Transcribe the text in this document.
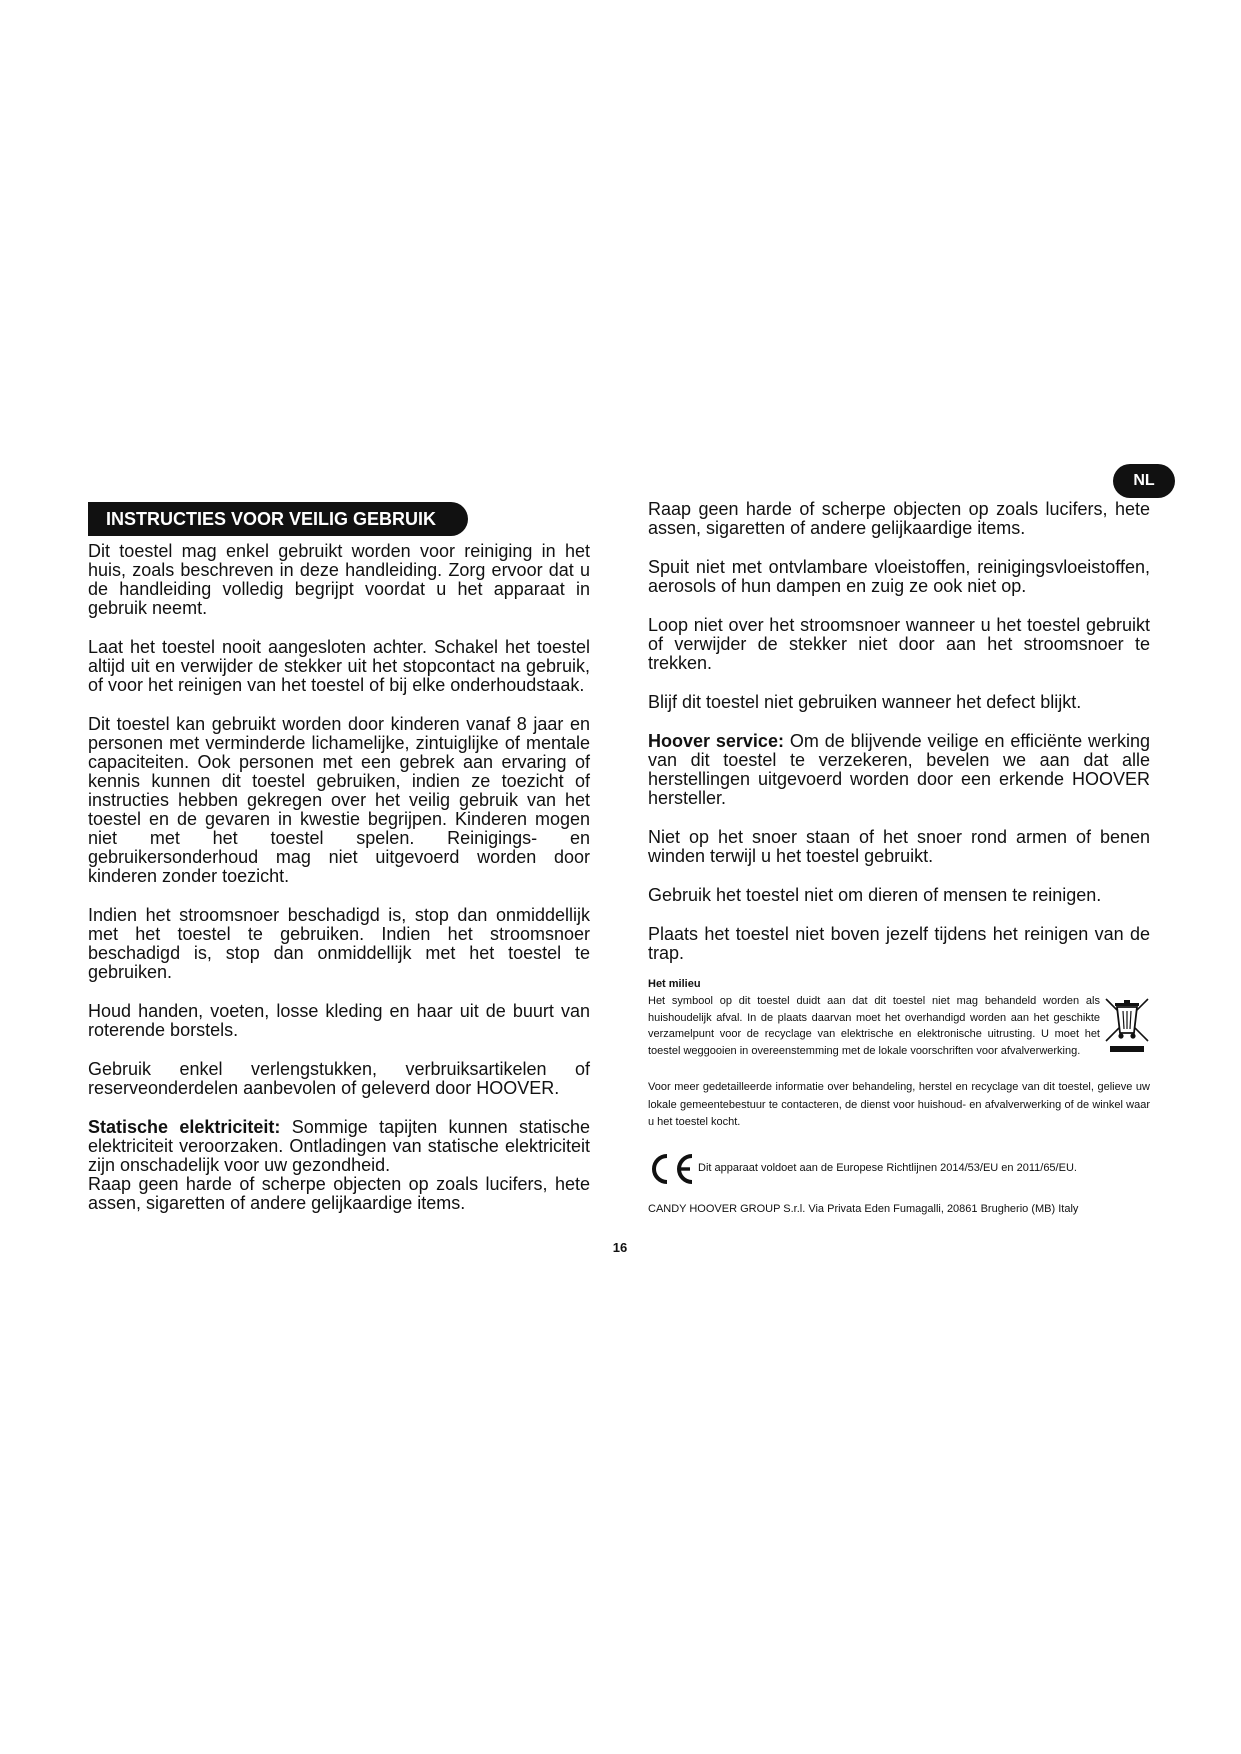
NL
INSTRUCTIES VOOR VEILIG GEBRUIK

Dit toestel mag enkel gebruikt worden voor reiniging in het huis, zoals beschreven in deze handleiding. Zorg ervoor dat u de handleiding volledig begrijpt voordat u het apparaat in gebruik neemt.

Laat het toestel nooit aangesloten achter. Schakel het toestel altijd uit en verwijder de stekker uit het stopcontact na gebruik, of voor het reinigen van het toestel of bij elke onderhoudstaak.

Dit toestel kan gebruikt worden door kinderen vanaf 8 jaar en personen met verminderde lichamelijke, zintuiglijke of mentale capaciteiten. Ook personen met een gebrek aan ervaring of kennis kunnen dit toestel gebruiken, indien ze toezicht of instructies hebben gekregen over het veilig gebruik van het toestel en de gevaren in kwestie begrijpen. Kinderen mogen niet met het toestel spelen. Reinigings- en gebruikersonderhoud mag niet uitgevoerd worden door kinderen zonder toezicht.

Indien het stroomsnoer beschadigd is, stop dan onmiddellijk met het toestel te gebruiken. Indien het stroomsnoer beschadigd is, stop dan onmiddellijk met het toestel te gebruiken.

Houd handen, voeten, losse kleding en haar uit de buurt van roterende borstels.

Gebruik enkel verlengstukken, verbruiksartikelen of reserveonderdelen aanbevolen of geleverd door HOOVER.

Statische elektriciteit: Sommige tapijten kunnen statische elektriciteit veroorzaken. Ontladingen van statische elektriciteit zijn onschadelijk voor uw gezondheid.

Raap geen harde of scherpe objecten op zoals lucifers, hete assen, sigaretten of andere gelijkaardige items.

Raap geen harde of scherpe objecten op zoals lucifers, hete assen, sigaretten of andere gelijkaardige items.

Spuit niet met ontvlambare vloeistoffen, reinigingsvloeistoffen, aerosols of hun dampen en zuig ze ook niet op.

Loop niet over het stroomsnoer wanneer u het toestel gebruikt of verwijder de stekker niet door aan het stroomsnoer te trekken.

Blijf dit toestel niet gebruiken wanneer het defect blijkt.

Hoover service: Om de blijvende veilige en efficiënte werking van dit toestel te verzekeren, bevelen we aan dat alle herstellingen uitgevoerd worden door een erkende HOOVER hersteller.

Niet op het snoer staan of het snoer rond armen of benen winden terwijl u het toestel gebruikt.

Gebruik het toestel niet om dieren of mensen te reinigen.

Plaats het toestel niet boven jezelf tijdens het reinigen van de trap.

Het milieu

Het symbool op dit toestel duidt aan dat dit toestel niet mag behandeld worden als huishoudelijk afval. In de plaats daarvan moet het overhandigd worden aan het geschikte verzamelpunt voor de recyclage van elektrische en elektronische uitrusting. U moet het toestel weggooien in overeenstemming met de lokale voorschriften voor afvalverwerking.

Voor meer gedetailleerde informatie over behandeling, herstel en recyclage van dit toestel, gelieve uw lokale gemeentebestuur te contacteren, de dienst voor huishoud- en afvalverwerking of de winkel waar u het toestel kocht.

Dit apparaat voldoet aan de Europese Richtlijnen 2014/53/EU en 2011/65/EU.
CANDY HOOVER GROUP S.r.l. Via Privata Eden Fumagalli, 20861 Brugherio (MB) Italy
16
